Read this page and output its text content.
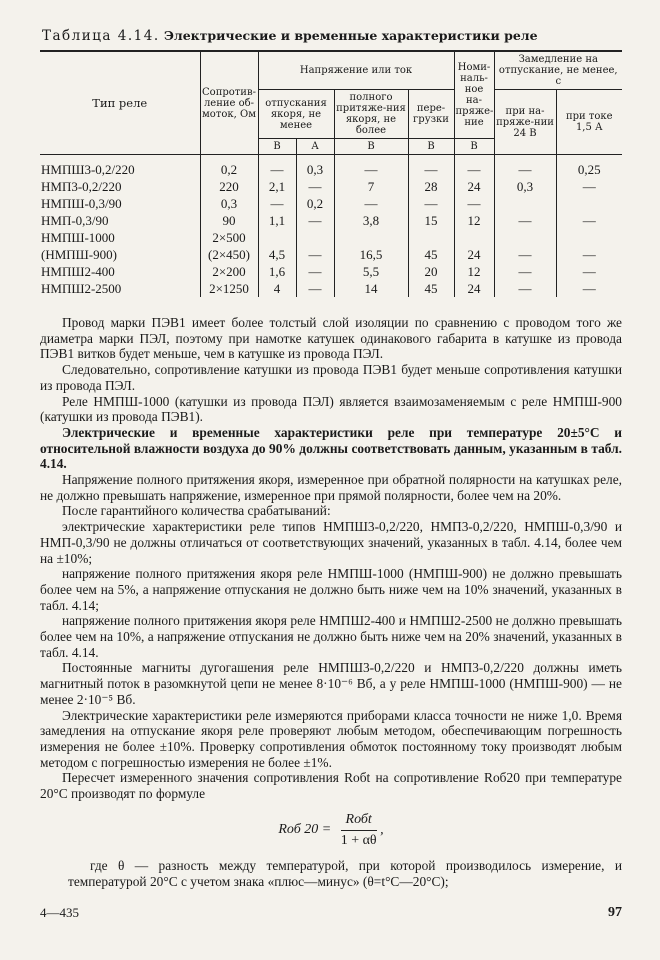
Таблица 4.14. Электрические и временные характеристики реле
Тип реле	Сопротив-ление об-моток, Ом	Напряжение или ток				Номи-наль-ное на-пряже-ние	Замедление на отпускание, не менее, с	
		отпускания якоря, не менее		полного притяже-ния якоря, не более	пере-грузки		при на-пряже-нии 24 В	при токе 1,5 А
		В	А	В	В	В		
НМПШ3-0,2/220	0,2	—	0,3	—	—	—	—	0,25
НМП3-0,2/220	220	2,1	—	7	28	24	0,3	—
НМПШ-0,3/90	0,3	—	0,2	—	—	—		
НМП-0,3/90	90	1,1	—	3,8	15	12	—	—
НМПШ-1000	2×500							
(НМПШ-900)	(2×450)	4,5	—	16,5	45	24	—	—
НМПШ2-400	2×200	1,6	—	5,5	20	12	—	—
НМПШ2-2500	2×1250	4	—	14	45	24	—	—

Провод марки ПЭВ1 имеет более толстый слой изоляции по сравнению с проводом того же диаметра марки ПЭЛ, поэтому при намотке катушек одинакового габарита в катушке из провода ПЭВ1 витков будет меньше, чем в катушке из провода ПЭЛ.

Следовательно, сопротивление катушки из провода ПЭВ1 будет меньше сопротивления катушки из провода ПЭЛ.

Реле НМПШ-1000 (катушки из провода ПЭЛ) является взаимозаменяемым с реле НМПШ-900 (катушки из провода ПЭВ1).

Электрические и временные характеристики реле при температуре 20±5°С и относительной влажности воздуха до 90% должны соответствовать данным, указанным в табл. 4.14.

Напряжение полного притяжения якоря, измеренное при обратной полярности на катушках реле, не должно превышать напряжение, измеренное при прямой полярности, более чем на 20%.

После гарантийного количества срабатываний:

электрические характеристики реле типов НМПШ3-0,2/220, НМП3-0,2/220, НМПШ-0,3/90 и НМП-0,3/90 не должны отличаться от соответствующих значений, указанных в табл. 4.14, более чем на ±10%;

напряжение полного притяжения якоря реле НМПШ-1000 (НМПШ-900) не должно превышать более чем на 5%, а напряжение отпускания не должно быть ниже чем на 10% значений, указанных в табл. 4.14;

напряжение полного притяжения якоря реле НМПШ2-400 и НМПШ2-2500 не должно превышать более чем на 10%, а напряжение отпускания не должно быть ниже чем на 20% значений, указанных в табл. 4.14.

Постоянные магниты дугогашения реле НМПШ3-0,2/220 и НМП3-0,2/220 должны иметь магнитный поток в разомкнутой цепи не менее 8·10⁻⁶ Вб, а у реле НМПШ-1000 (НМПШ-900) — не менее 2·10⁻⁵ Вб.

Электрические характеристики реле измеряются приборами класса точности не ниже 1,0. Время замедления на отпускание якоря реле проверяют любым методом, обеспечивающим погрешность измерения не более ±10%. Проверку сопротивления обмоток постоянному току производят любым методом с погрешностью измерения не более ±1%.

Пересчет измеренного значения сопротивления Rобt на сопротивление Rоб20 при температуре 20°С производят по формуле

Rоб $20 = \frac{\text{Rобt}}{1 + \alpha\theta}$ ,

где θ — разность между температурой, при которой производилось измерение, и температурой 20°С с учетом знака «плюс—минус» (θ=t°С—20°С);

4—435	97
